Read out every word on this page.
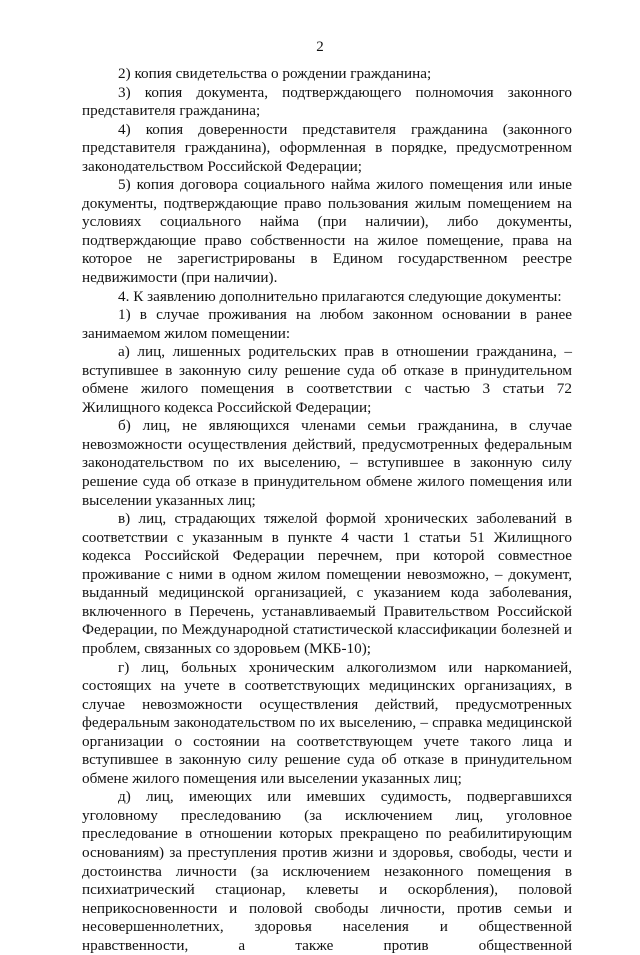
2

2) копия свидетельства о рождении гражданина;

3) копия документа, подтверждающего полномочия законного представителя гражданина;

4) копия доверенности представителя гражданина (законного представителя гражданина), оформленная в порядке, предусмотренном законодательством Российской Федерации;

5) копия договора социального найма жилого помещения или иные документы, подтверждающие право пользования жилым помещением на условиях социального найма (при наличии), либо документы, подтверждающие право собственности на жилое помещение, права на которое не зарегистрированы в Едином государственном реестре недвижимости (при наличии).

4. К заявлению дополнительно прилагаются следующие документы:

1) в случае проживания на любом законном основании в ранее занимаемом жилом помещении:

а) лиц, лишенных родительских прав в отношении гражданина, – вступившее в законную силу решение суда об отказе в принудительном обмене жилого помещения в соответствии с частью 3 статьи 72 Жилищного кодекса Российской Федерации;

б) лиц, не являющихся членами семьи гражданина, в случае невозможности осуществления действий, предусмотренных федеральным законодательством по их выселению, – вступившее в законную силу решение суда об отказе в принудительном обмене жилого помещения или выселении указанных лиц;

в) лиц, страдающих тяжелой формой хронических заболеваний в соответствии с указанным в пункте 4 части 1 статьи 51 Жилищного кодекса Российской Федерации перечнем, при которой совместное проживание с ними в одном жилом помещении невозможно, – документ, выданный медицинской организацией, с указанием кода заболевания, включенного в Перечень, устанавливаемый Правительством Российской Федерации, по Международной статистической классификации болезней и проблем, связанных со здоровьем (МКБ-10);

г) лиц, больных хроническим алкоголизмом или наркоманией, состоящих на учете в соответствующих медицинских организациях, в случае невозможности осуществления действий, предусмотренных федеральным законодательством по их выселению, – справка медицинской организации о состоянии на соответствующем учете такого лица и вступившее в законную силу решение суда об отказе в принудительном обмене жилого помещения или выселении указанных лиц;

д) лиц, имеющих или имевших судимость, подвергавшихся уголовному преследованию (за исключением лиц, уголовное преследование в отношении которых прекращено по реабилитирующим основаниям) за преступления против жизни и здоровья, свободы, чести и достоинства личности (за исключением незаконного помещения в психиатрический стационар, клеветы и оскорбления), половой неприкосновенности и половой свободы личности, против семьи и несовершеннолетних, здоровья населения и общественной нравственности, а также против общественной
